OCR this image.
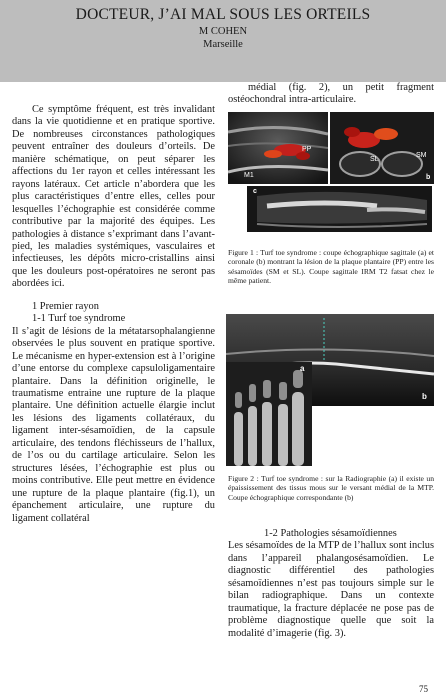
DOCTEUR, J’AI MAL SOUS LES ORTEILS
M COHEN
Marseille

Ce symptôme fréquent, est très invalidant dans la vie quotidienne et en pratique sportive. De nombreuses circonstances pathologiques peuvent entraîner des douleurs d’orteils. De manière schématique, on peut séparer les affections du 1er rayon et celles intéressant les rayons latéraux. Cet article n’abordera que les plus caractéristiques d’entre elles, celles pour lesquelles l’échographie est considérée comme contributive par la majorité des équipes. Les pathologies à distance s’exprimant dans l’avant-pied, les maladies systémiques, vasculaires et infectieuses, les dépôts micro-cristallins ainsi que les douleurs post-opératoires ne seront pas abordées ici.

1 Premier rayon

1-1 Turf toe syndrome

Il s’agit de lésions de la métatarsophalangienne observées le plus souvent en pratique sportive. Le mécanisme en hyper-extension est à l’origine d’une entorse du complexe capsuloligamentaire plantaire. Dans la définition originelle, le traumatisme entraine une rupture de la plaque plantaire. Une définition actuelle élargie inclut les lésions des ligaments collatéraux, du ligament inter-sésamoïdien, de la capsule articulaire, des tendons fléchisseurs de l’hallux, de l’os ou du cartilage articulaire. Selon les structures lésées, l’échographie est plus ou moins contributive. Elle peut mettre en évidence une rupture de la plaque plantaire (fig.1), un épanchement articulaire, une rupture du ligament collatéral

médial (fig. 2), un petit fragment ostéochondral intra-articulaire.

PP
M1
SL
SM
b
c
Figure 1 : Turf toe syndrome : coupe échographique sagittale (a) et coronale (b) montrant la lésion de la plaque plantaire (PP) entre les sésamoïdes (SM et SL). Coupe sagittale IRM T2 fatsat chez le même patient.
b
a
Figure 2 : Turf toe syndrome : sur la Radiographie (a) il existe un épaississement des tissus mous sur le versant médial de la MTP. Coupe échographique correspondante (b)

1-2 Pathologies sésamoïdiennes

Les sésamoïdes de la MTP de l’hallux sont inclus dans l’appareil phalangosésamoïdien. Le diagnostic différentiel des pathologies sésamoïdiennes n’est pas toujours simple sur le bilan radiographique. Dans un contexte traumatique, la fracture déplacée ne pose pas de problème diagnostique quelle que soit la modalité d’imagerie (fig. 3).

75
